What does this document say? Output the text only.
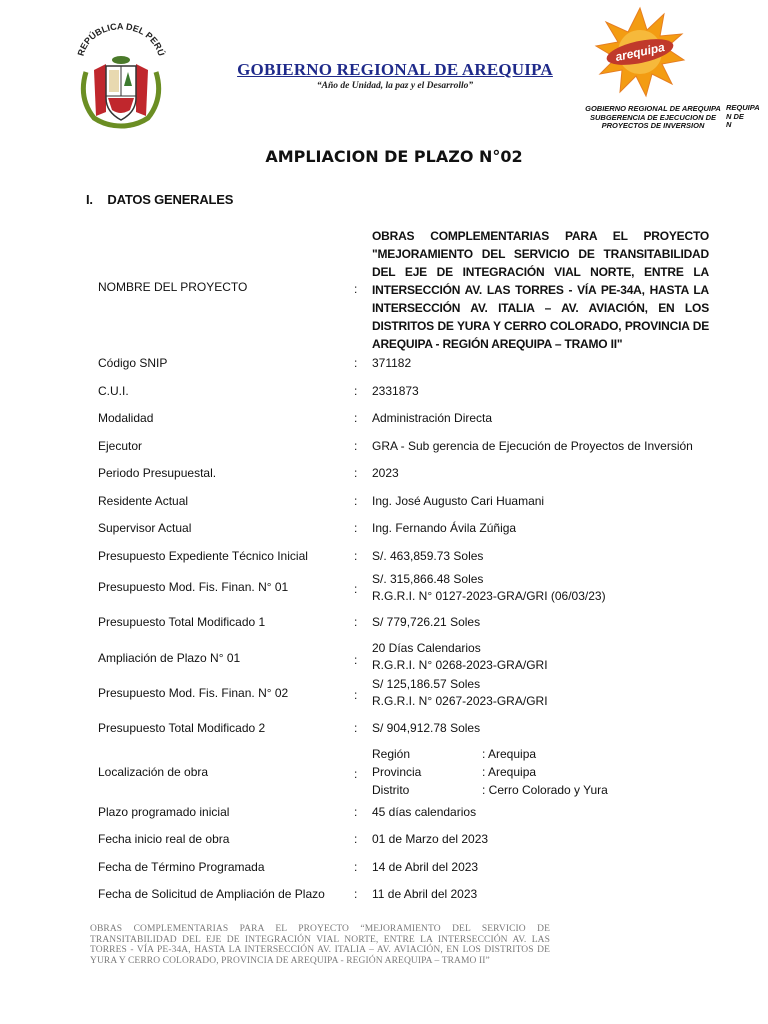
REPÚBLICA DEL PERÚ
GOBIERNO REGIONAL DE AREQUIPA
“Año de Unidad, la paz y el Desarrollo”
arequipa
GOBIERNO REGIONAL DE AREQUIPA
SUBGERENCIA DE EJECUCION DE
PROYECTOS DE INVERSION
REQUIPA
N DE
N
AMPLIACION DE PLAZO N°02
I. DATOS GENERALES
NOMBRE DEL PROYECTO	:
OBRAS COMPLEMENTARIAS PARA EL PROYECTO "MEJORAMIENTO DEL SERVICIO DE TRANSITABILIDAD DEL EJE DE INTEGRACIÓN VIAL NORTE, ENTRE LA INTERSECCIÓN AV. LAS TORRES - VÍA PE-34A, HASTA LA INTERSECCIÓN AV. ITALIA – AV. AVIACIÓN, EN LOS DISTRITOS DE YURA Y CERRO COLORADO, PROVINCIA DE AREQUIPA - REGIÓN AREQUIPA – TRAMO II"
Código SNIP	: 371182
C.U.I.	: 2331873
Modalidad	: Administración Directa
Ejecutor	: GRA - Sub gerencia de Ejecución de Proyectos de Inversión
Periodo Presupuestal.	: 2023
Residente Actual	: Ing. José Augusto Cari Huamani
Supervisor Actual	: Ing. Fernando Ávila Zúñiga
Presupuesto Expediente Técnico Inicial	: S/. 463,859.73 Soles
Presupuesto Mod. Fis. Finan. N° 01	:
S/. 315,866.48 Soles
R.G.R.I. N° 0127-2023-GRA/GRI (06/03/23)
Presupuesto Total Modificado 1	: S/ 779,726.21 Soles
Ampliación de Plazo N° 01	:
20 Días Calendarios
R.G.R.I. N° 0268-2023-GRA/GRI
Presupuesto Mod. Fis. Finan. N° 02	:
S/ 125,186.57 Soles
R.G.R.I. N° 0267-2023-GRA/GRI
Presupuesto Total Modificado 2	: S/ 904,912.78 Soles
Localización de obra	:
Región	: Arequipa
Provincia	: Arequipa
Distrito	: Cerro Colorado y Yura
Plazo programado inicial	: 45 días calendarios
Fecha inicio real de obra	: 01 de Marzo del 2023
Fecha de Término Programada	: 14 de Abril del 2023
Fecha de Solicitud de Ampliación de Plazo : 11 de Abril del 2023
OBRAS COMPLEMENTARIAS PARA EL PROYECTO “MEJORAMIENTO DEL SERVICIO DE TRANSITABILIDAD DEL EJE DE INTEGRACIÓN VIAL NORTE, ENTRE LA INTERSECCIÓN AV. LAS TORRES - VÍA PE-34A, HASTA LA INTERSECCIÓN AV. ITALIA – AV. AVIACIÓN, EN LOS DISTRITOS DE YURA Y CERRO COLORADO, PROVINCIA DE AREQUIPA - REGIÓN AREQUIPA – TRAMO II”
